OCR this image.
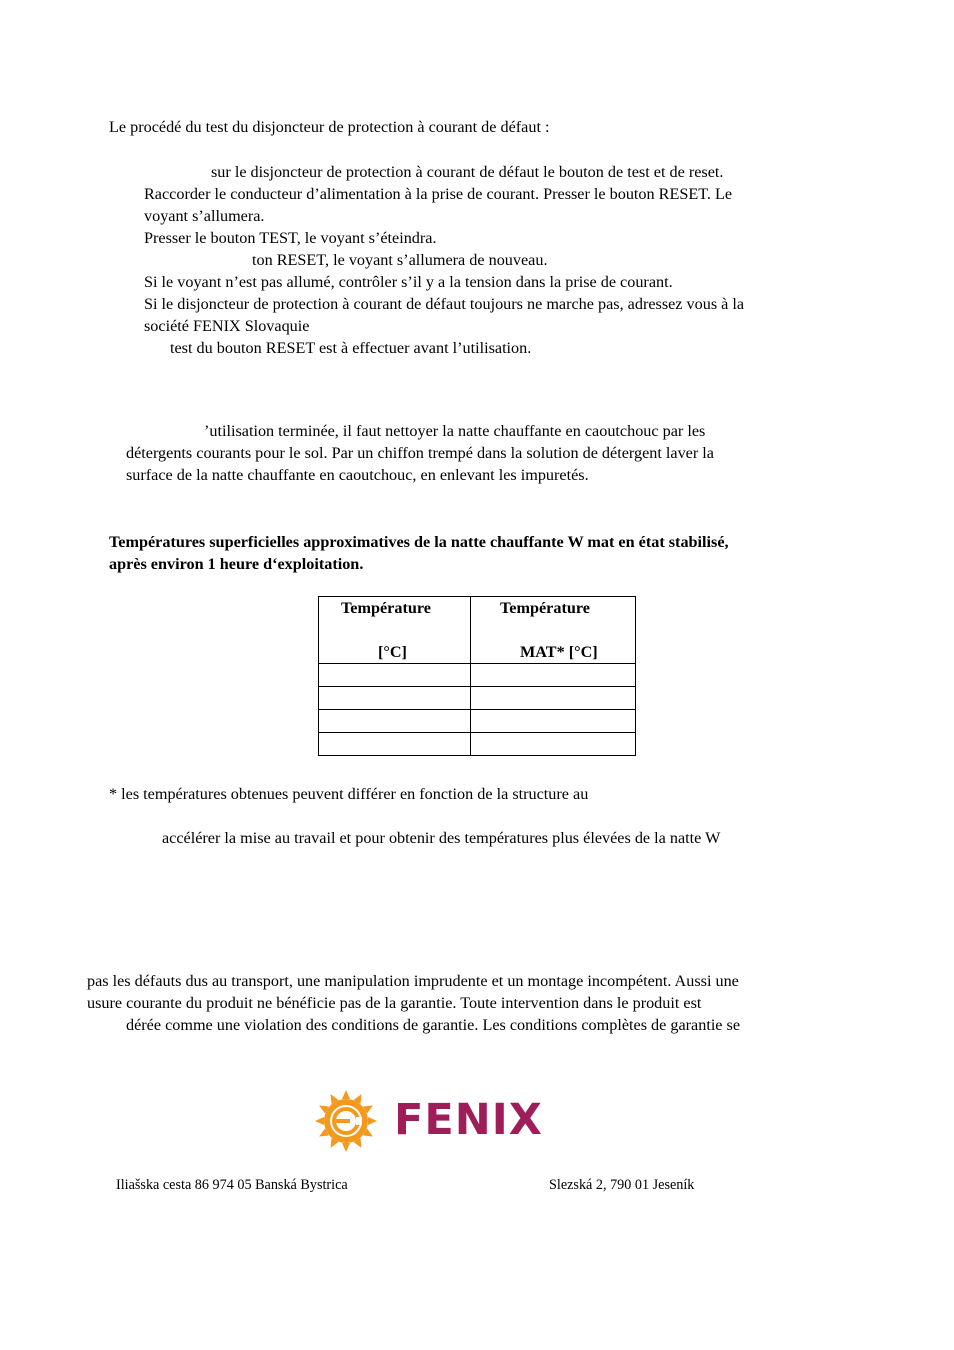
Le procédé du test du disjoncteur de protection à courant de défaut :
sur le disjoncteur de protection à courant de défaut le bouton de test et de reset.
Raccorder le conducteur d’alimentation à la prise de courant. Presser le bouton RESET. Le
voyant s’allumera.
Presser le bouton TEST, le voyant s’éteindra.
ton RESET, le voyant s’allumera de nouveau.
Si le voyant n’est pas allumé, contrôler s’il y a la tension dans la prise de courant.
Si le disjoncteur de protection à courant de défaut toujours ne marche pas, adressez vous à la
société FENIX Slovaquie
test du bouton RESET est à effectuer avant l’utilisation.
’utilisation terminée, il faut nettoyer la natte chauffante en caoutchouc par les
détergents courants pour le sol. Par un chiffon trempé dans la solution de détergent laver la
surface de la natte chauffante en caoutchouc, en enlevant les impuretés.
Températures superficielles approximatives de la natte chauffante W mat en état stabilisé,
après environ 1 heure d‘exploitation.
Température
[°C]	Température
MAT* [°C]

* les températures obtenues peuvent différer en fonction de la structure au
accélérer la mise au travail et pour obtenir des températures plus élevées de la natte W
pas les défauts dus au transport, une manipulation imprudente et un montage incompétent. Aussi une
usure courante du produit ne bénéficie pas de la garantie. Toute intervention dans le produit est
dérée comme une violation des conditions de garantie. Les conditions complètes de garantie se
FENIX
Iliašska cesta 86 974 05 Banská Bystrica	Slezská 2, 790 01 Jeseník
